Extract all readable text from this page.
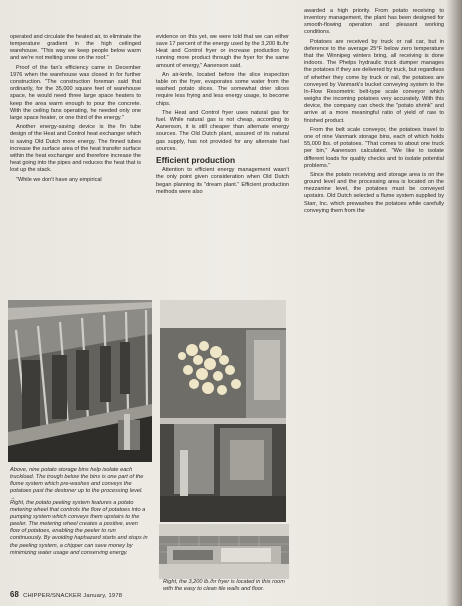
operated and circulate the heated air, to eliminate the temperature gradient in the high ceilinged warehouse. "This way we keep people below warm and we're not melting snow on the roof."

Proof of the fan's efficiency came in December 1976 when the warehouse was closed in for further construction. "The construction foreman said that ordinarily, for the 35,000 square feet of warehouse space, he would need three large space heaters to keep the area warm enough to pour the concrete. With the ceiling fans operating, he needed only one large space heater, or one third of the energy."

Another energy-saving device is the fin tube design of the Heat and Control heat exchanger which is saving Old Dutch more energy. The finned tubes increase the surface area of the heat transfer surface within the heat exchanger and therefore increase the heat going into the pipes and reduces the heat that is lost up the stack.

"While we don't have any empirical

evidence on this yet, we were told that we can either save 17 percent of the energy used by the 3,200 lb./hr Heat and Control fryer or increase production by running more product through the fryer for the same amount of energy," Aanenson said.

An air-knife, located before the slice inspection table on the fryer, evaporates some water from the washed potato slices. The somewhat drier slices require less frying and less energy usage, to become chips.

The Heat and Control fryer uses natural gas for fuel. While natural gas is not cheap, according to Aanenson, it is still cheaper than alternate energy sources. The Old Dutch plant, assured of its natural gas supply, has not provided for any alternate fuel sources.

Efficient production

Attention to efficient energy management wasn't the only point given consideration when Old Dutch began planning its "dream plant." Efficient production methods were also

awarded a high priority. From potato receiving to inventory management, the plant has been designed for smooth-flowing operation and pleasant working conditions.

Potatoes are received by truck or rail car, but in deference to the average 25°F below zero temperature that the Winnipeg winters bring, all receiving is done indoors. The Phelps hydraulic truck dumper manages the potatoes if they are delivered by truck, but regardless of whether they come by truck or rail, the potatoes are conveyed by Vanmark's bucket conveying system to the In-Flow Resometric belt-type scale conveyor which weighs the incoming potatoes very accurately. With this device, the company can check the "potato shrink" and arrive at a more meaningful ratio of yield of raw to finished product.

From the belt scale conveyor, the potatoes travel to one of nine Vanmark storage bins, each of which holds 55,000 lbs. of potatoes. "That comes to about one truck per bin," Aanenson calculated. "We like to isolate different loads for quality checks and to isolate potential problems."

Since the potato receiving and storage area is on the ground level and the processing area is located on the mezzanine level, the potatoes must be conveyed upstairs. Old Dutch selected a flume system supplied by Starr, Inc. which prewashes the potatoes while carefully conveying them from the

Above, nine potato storage bins help isolate each truckload. The trough below the bins is one part of the flume system which pre-washes and conveys the potatoes past the destoner up to the processing level. →
Right, the potato peeling system features a potato metering wheel that controls the flow of potatoes into a pumping system which conveys them upstairs to the peeler. The metering wheel creates a positive, even flow of potatoes, enabling the peeler to run continuously. By avoiding haphazard starts and stops in the peeling system, a chipper can save money by minimizing water usage and conserving energy.
Right, the 3,200 lb./hr fryer is located in this room with the easy to clean tile walls and floor.
68 CHIPPER/SNACKER January, 1978
